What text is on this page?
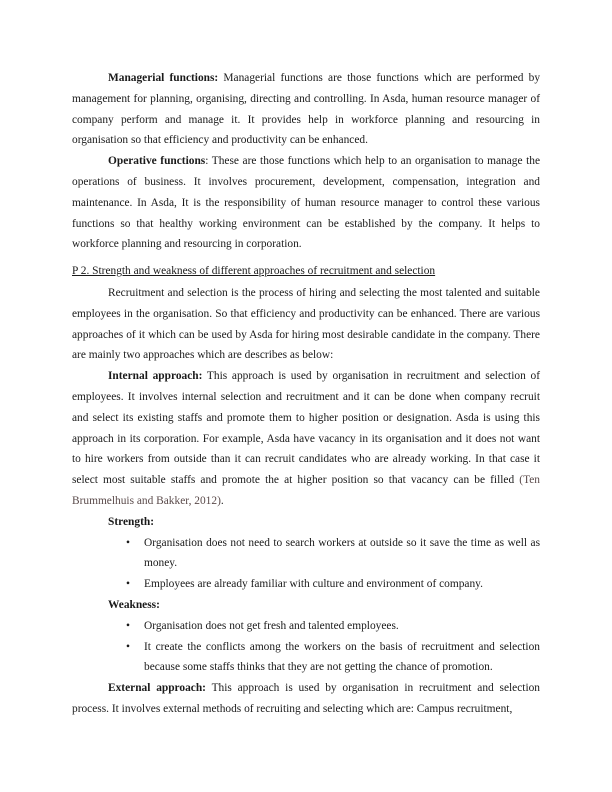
Managerial functions: Managerial functions are those functions which are performed by management for planning, organising, directing and controlling. In Asda, human resource manager of company perform and manage it. It provides help in workforce planning and resourcing in organisation so that efficiency and productivity can be enhanced.

Operative functions: These are those functions which help to an organisation to manage the operations of business. It involves procurement, development, compensation, integration and maintenance. In Asda, It is the responsibility of human resource manager to control these various functions so that healthy working environment can be established by the company. It helps to workforce planning and resourcing in corporation.

P 2. Strength and weakness of different approaches of recruitment and selection

Recruitment and selection is the process of hiring and selecting the most talented and suitable employees in the organisation. So that efficiency and productivity can be enhanced. There are various approaches of it which can be used by Asda for hiring most desirable candidate in the company. There are mainly two approaches which are describes as below:

Internal approach: This approach is used by organisation in recruitment and selection of employees. It involves internal selection and recruitment and it can be done when company recruit and select its existing staffs and promote them to higher position or designation. Asda is using this approach in its corporation. For example, Asda have vacancy in its organisation and it does not want to hire workers from outside than it can recruit candidates who are already working. In that case it select most suitable staffs and promote the at higher position so that vacancy can be filled (Ten Brummelhuis and Bakker, 2012).

Strength:

• Organisation does not need to search workers at outside so it save the time as well as money.
• Employees are already familiar with culture and environment of company.

Weakness:

• Organisation does not get fresh and talented employees.
• It create the conflicts among the workers on the basis of recruitment and selection because some staffs thinks that they are not getting the chance of promotion.

External approach: This approach is used by organisation in recruitment and selection process. It involves external methods of recruiting and selecting which are: Campus recruitment,
